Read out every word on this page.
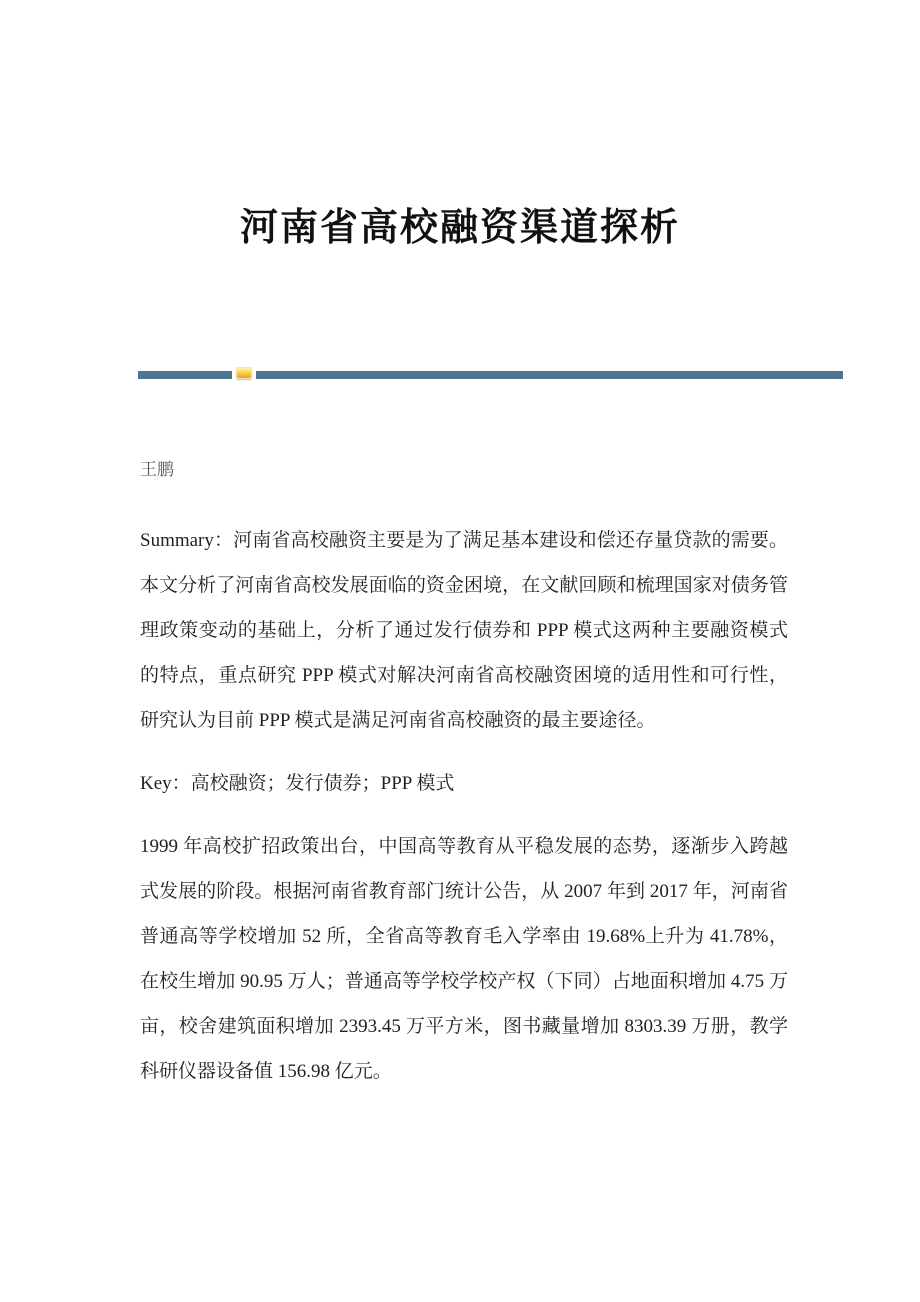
河南省高校融资渠道探析
王鹏

Summary：河南省高校融资主要是为了满足基本建设和偿还存量贷款的需要。本文分析了河南省高校发展面临的资金困境，在文献回顾和梳理国家对债务管理政策变动的基础上，分析了通过发行债券和 PPP 模式这两种主要融资模式的特点，重点研究 PPP 模式对解决河南省高校融资困境的适用性和可行性，研究认为目前 PPP 模式是满足河南省高校融资的最主要途径。

Key：高校融资；发行债券；PPP 模式

1999 年高校扩招政策出台，中国高等教育从平稳发展的态势，逐渐步入跨越式发展的阶段。根据河南省教育部门统计公告，从 2007 年到 2017 年，河南省普通高等学校增加 52 所，全省高等教育毛入学率由 19.68%上升为 41.78%，在校生增加 90.95 万人；普通高等学校学校产权（下同）占地面积增加 4.75 万亩，校舍建筑面积增加 2393.45 万平方米，图书藏量增加 8303.39 万册，教学科研仪器设备值 156.98 亿元。
